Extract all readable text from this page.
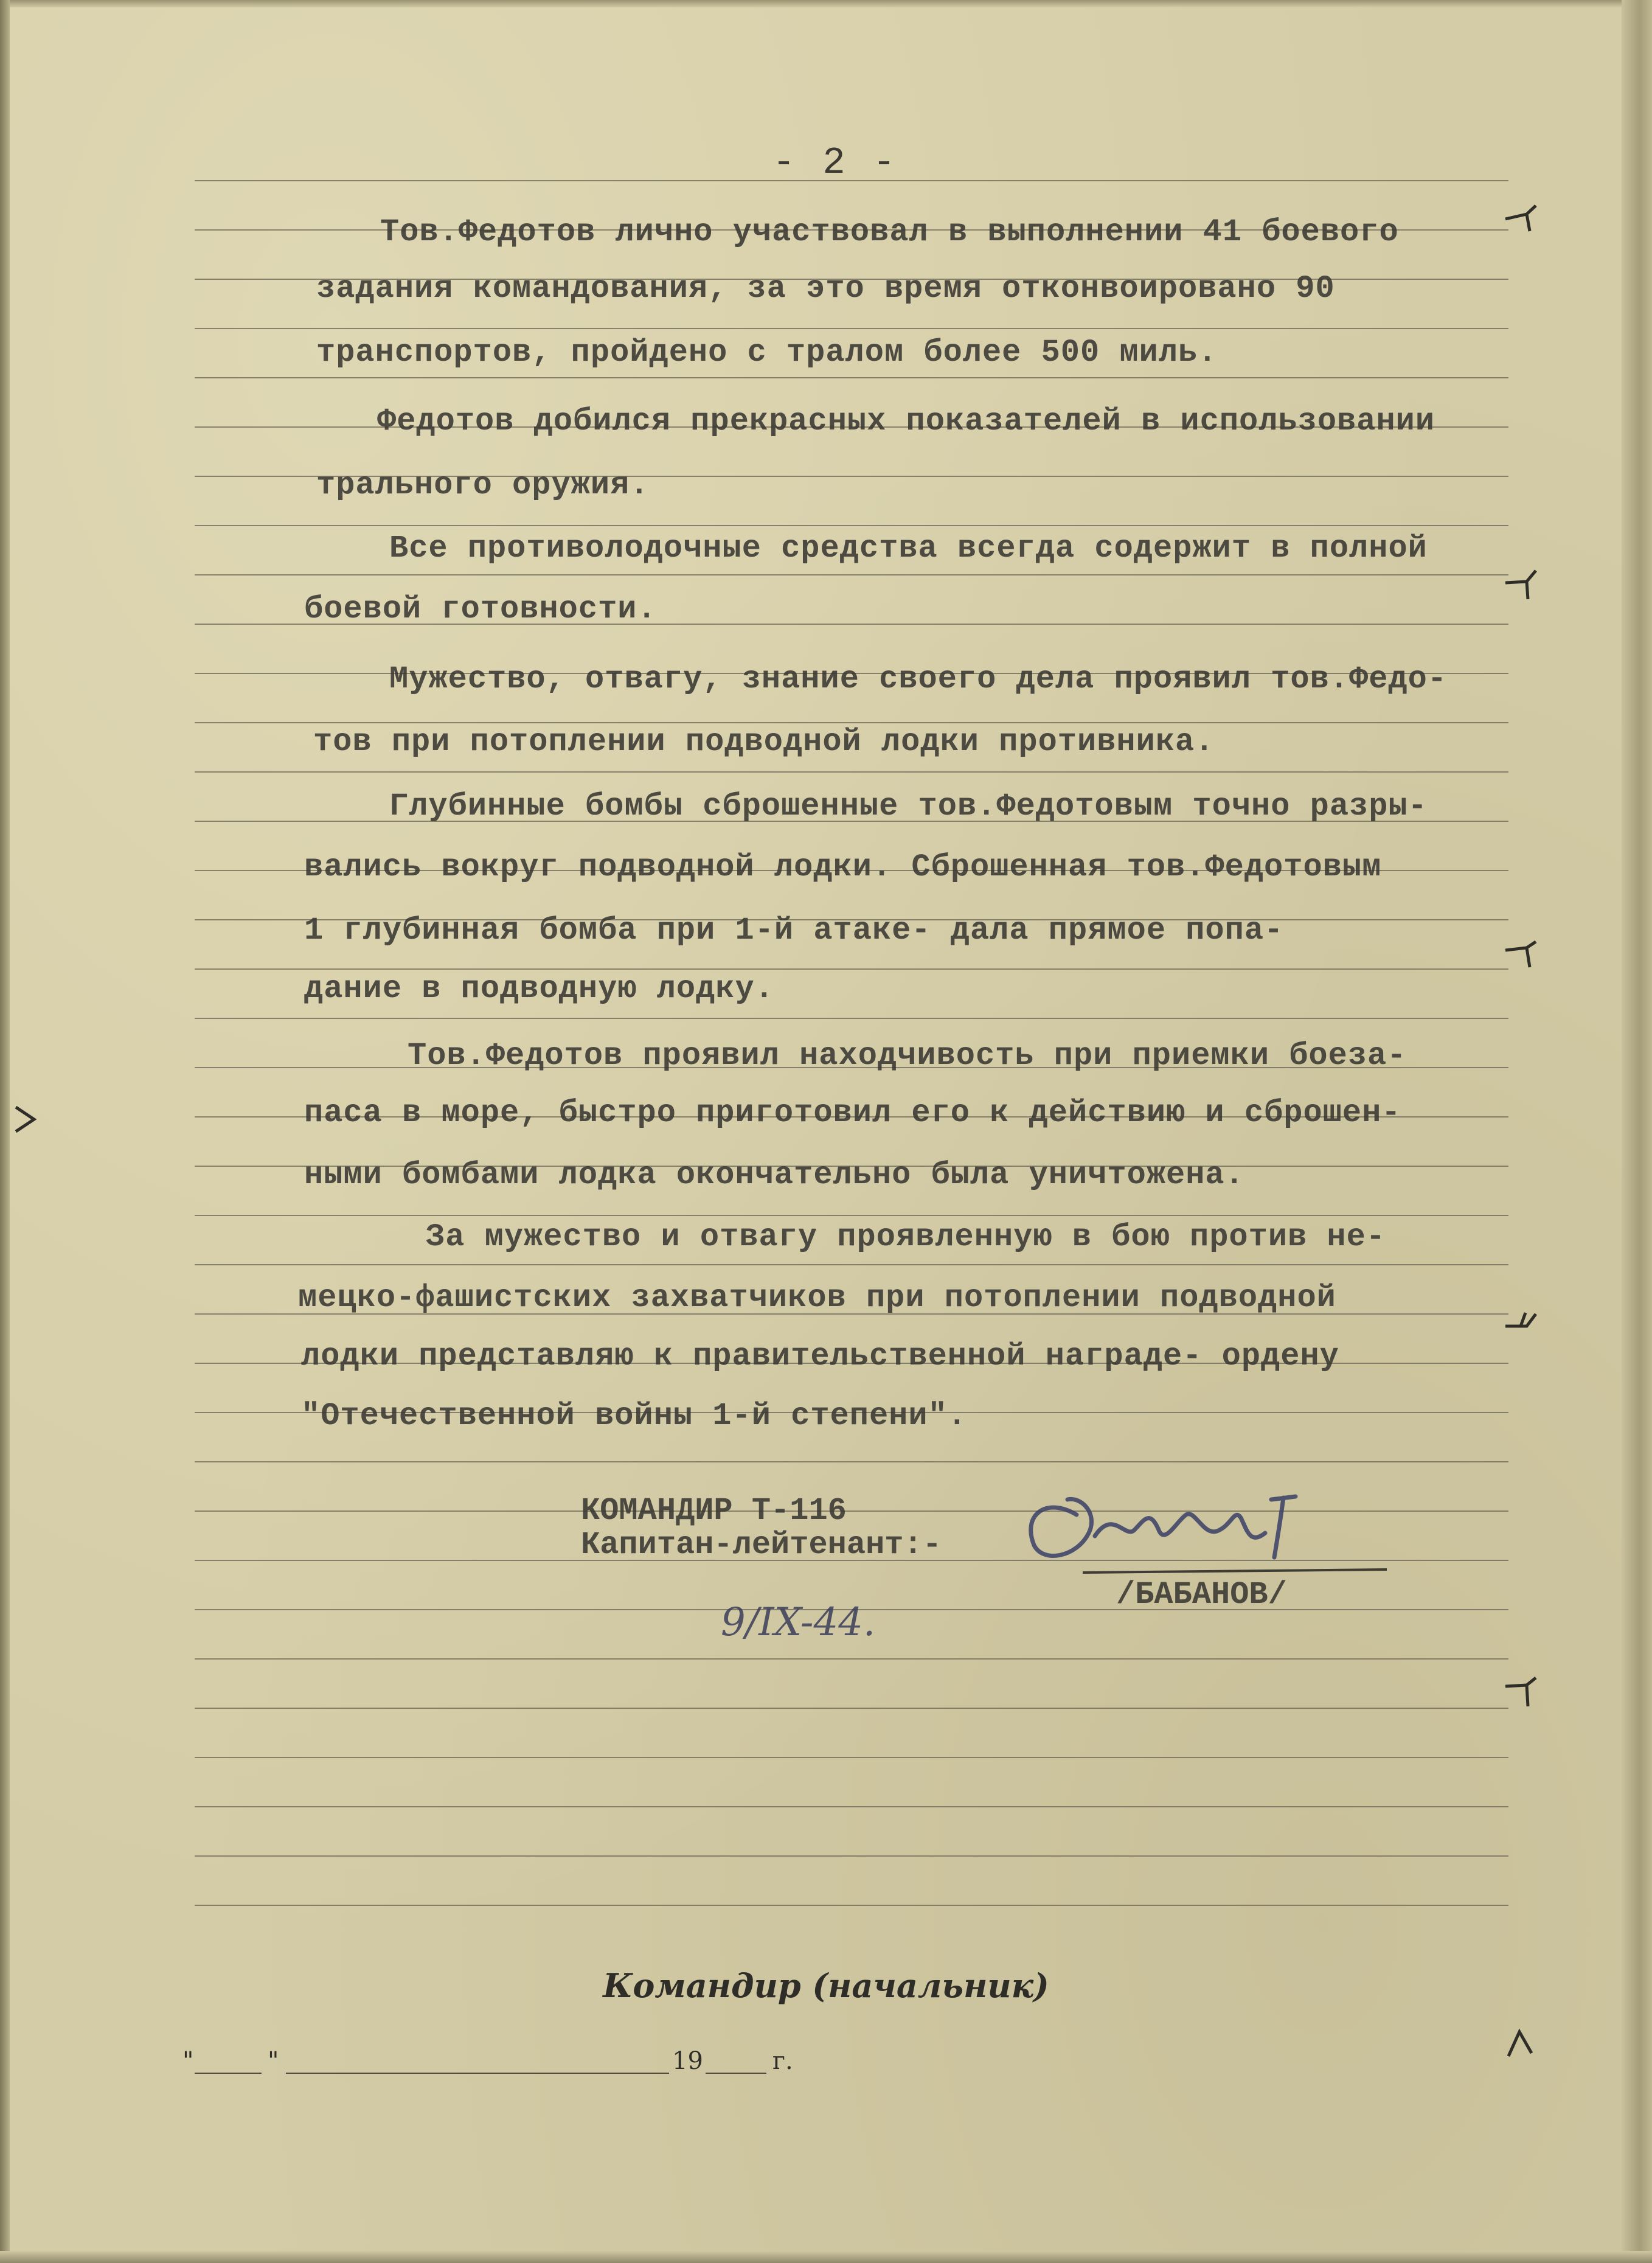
- 2 -
Тов.Федотов лично участвовал в выполнении 41 боевого
задания командования, за это время отконвоировано 90
транспортов, пройдено с тралом более 500 миль.
Федотов добился прекрасных показателей в использовании
трального оружия.
Все противолодочные средства всегда содержит в полной
боевой готовности.
Мужество, отвагу, знание своего дела проявил тов.Федо-
тов при потоплении подводной лодки противника.
Глубинные бомбы сброшенные тов.Федотовым точно разры-
вались вокруг подводной лодки. Сброшенная тов.Федотовым
1 глубинная бомба при 1-й атаке- дала прямое попа-
дание в подводную лодку.
Тов.Федотов проявил находчивость при приемки боеза-
паса в море, быстро приготовил его к действию и сброшен-
ными бомбами лодка окончательно была уничтожена.
За мужество и отвагу проявленную в бою против не-
мецко-фашистских захватчиков при потоплении подводной
лодки представляю к правительственной награде- ордену
"Отечественной войны 1-й степени".
КОМАНДИР Т-116
Капитан-лейтенант:-
/БАБАНОВ/
9/IX-44.
Командир (начальник)
"	"	19	г.
